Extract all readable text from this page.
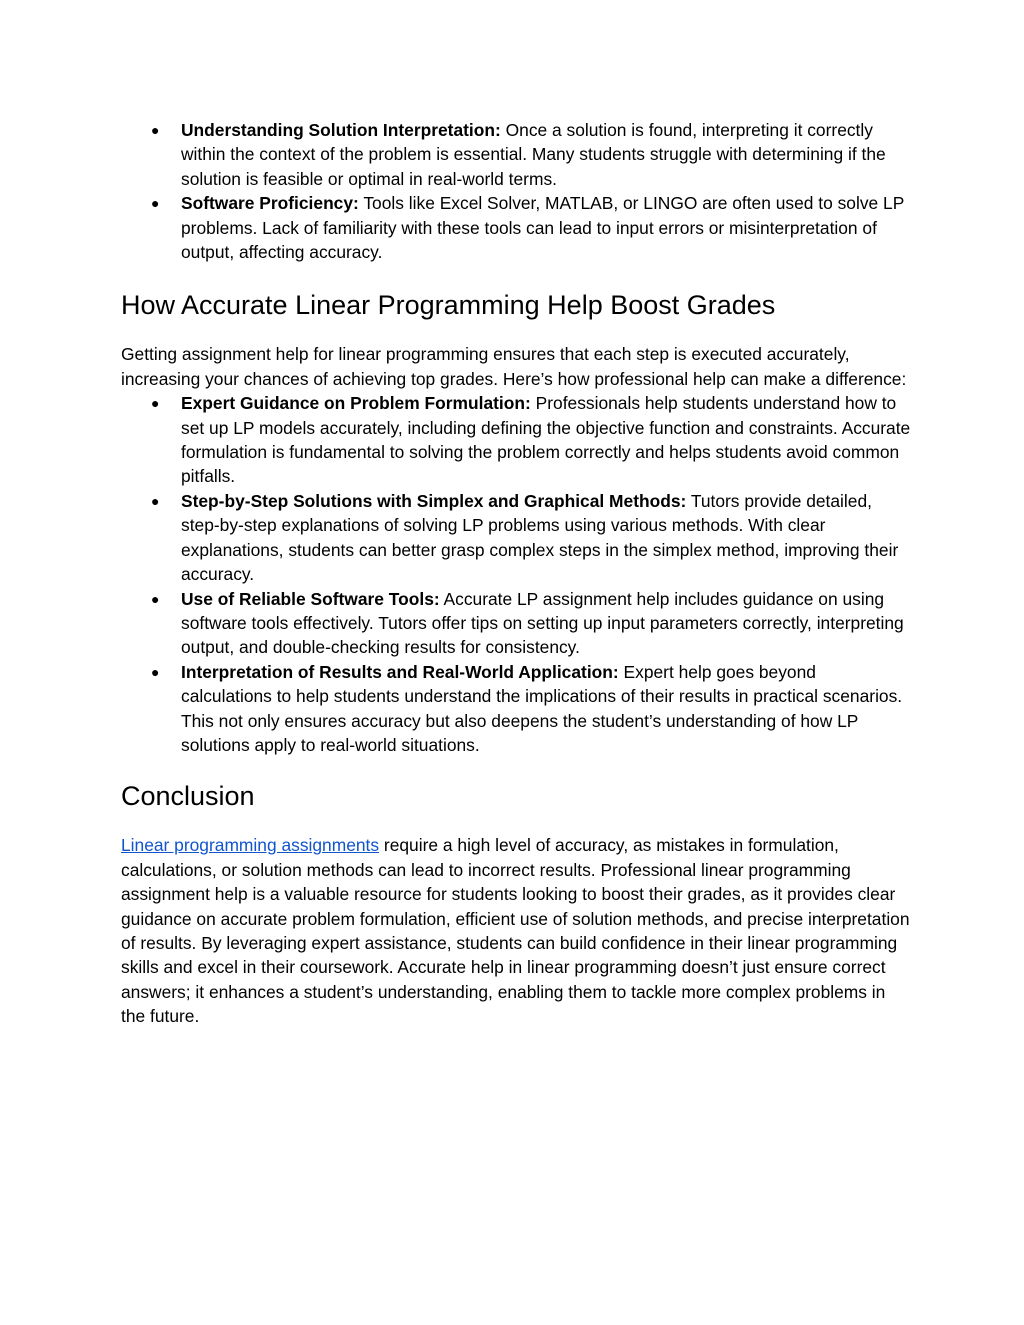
● Understanding Solution Interpretation: Once a solution is found, interpreting it correctly within the context of the problem is essential. Many students struggle with determining if the solution is feasible or optimal in real-world terms.
● Software Proficiency: Tools like Excel Solver, MATLAB, or LINGO are often used to solve LP problems. Lack of familiarity with these tools can lead to input errors or misinterpretation of output, affecting accuracy.
How Accurate Linear Programming Help Boost Grades

Getting assignment help for linear programming ensures that each step is executed accurately, increasing your chances of achieving top grades. Here’s how professional help can make a difference:

● Expert Guidance on Problem Formulation: Professionals help students understand how to set up LP models accurately, including defining the objective function and constraints. Accurate formulation is fundamental to solving the problem correctly and helps students avoid common pitfalls.
● Step-by-Step Solutions with Simplex and Graphical Methods: Tutors provide detailed, step-by-step explanations of solving LP problems using various methods. With clear explanations, students can better grasp complex steps in the simplex method, improving their accuracy.
● Use of Reliable Software Tools: Accurate LP assignment help includes guidance on using software tools effectively. Tutors offer tips on setting up input parameters correctly, interpreting output, and double-checking results for consistency.
● Interpretation of Results and Real-World Application: Expert help goes beyond calculations to help students understand the implications of their results in practical scenarios. This not only ensures accuracy but also deepens the student’s understanding of how LP solutions apply to real-world situations.
Conclusion

Linear programming assignments require a high level of accuracy, as mistakes in formulation, calculations, or solution methods can lead to incorrect results. Professional linear programming assignment help is a valuable resource for students looking to boost their grades, as it provides clear guidance on accurate problem formulation, efficient use of solution methods, and precise interpretation of results. By leveraging expert assistance, students can build confidence in their linear programming skills and excel in their coursework. Accurate help in linear programming doesn’t just ensure correct answers; it enhances a student’s understanding, enabling them to tackle more complex problems in the future.
